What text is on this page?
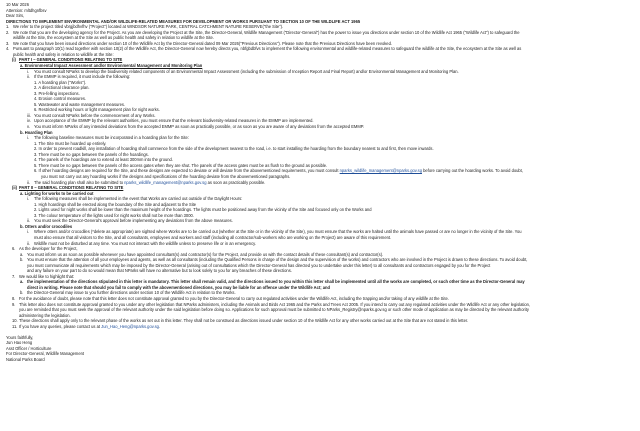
10 Mar 2026
Attention: mltdhgnfbsv
Dear Sirs,
DIRECTIONS TO IMPLEMENT ENVIRONMENTAL AND/OR WILDLIFE-RELATED MEASURES FOR DEVELOPMENT OR WORKS PURSUANT TO SECTION 10 OF THE WILDLIFE ACT 1965
1. We refer to the project titled vbrgjbdhvfhv ("Project") located at WINDSOR NATURE PARK, CENTRAL CATCHMENT NATURE RESERVE("the Site").
2. We note that you are the developing agency for the Project. As you are developing the Project at the Site, the Director-General, Wildlife Management ("Director-General") has the power to issue you directions under section 10 of the Wildlife Act 1965 ("Wildlife Act") to safeguard the
wildlife at the Site, the ecosystem at the Site as well as public health and safety in relation to wildlife at the Site.
3. We note that you have been issued directions under section 10 of the Wildlife Act by the Director-General dated 09 Mar 2026("Previous Directions"). Please note that the Previous Directions have been revoked.
4. Pursuant to paragraph 10(1) read together with section 10(2) of the Wildlife Act, the Director-General now hereby directs you, nbfgbdbfvs to implement the following environmental and wildlife-related measures to safeguard the wildlife at the Site, the ecosystem at the Site as well as
public health and safety in relation to wildlife at the Site:
(i) PART I – GENERAL CONDITIONS RELATING TO SITE
a. Environmental Impact Assessment and/or Environmental Management and Monitoring Plan
i. You must consult NParks to develop the biodiversity related components of an Environmental Impact Assessment (including the submission of Inception Report and Final Report) and/or Environmental Management and Monitoring Plan.
ii. If the EMMP is required, it must include the following:
1. A hoarding plan ("Works").
2. A directional clearance plan.
3. Pre-felling inspections.
4. Erosion control measures.
5. Wastewater and waste management measures.
6. Restricted working hours or light management plan for night works.
iii. You must consult NParks before the commencement of any Works.
iv. Upon acceptance of the EMMP by the relevant authorities, you must ensure that the relevant biodiversity-related measures in the EMMP are implemented.
v. You must inform NParks of any intended deviations from the accepted EMMP as soon as practically possible, or as soon as you are aware of any deviations from the accepted EMMP.
b. Hoarding Plan
i. The following baseline measures must be incorporated in a hoarding plan for the Site:
1. The Site must be hoarded up entirely.
2. In order to prevent roadkill, any installation of hoarding shall commence from the side of the development nearest to the road, i.e. to start installing the hoarding from the boundary nearest to and first, then move inwards.
3. There must be no gaps between the panels of the hoardings.
4. The panels of the hoardings are to extend at least 300mm into the ground.
5. There must be no gaps between the panels of the access gates when they are shut. The panels of the access gates must be as flush to the ground as possible.
6. If other hoarding designs are required for the Site, and these designs are expected to deviate or will deviate from the abovementioned requirements, you must consult nparks_wildlife_management@nparks.gov.sg before carrying out the hoarding works. To avoid doubt,
you must not carry out any hoarding works if the designs and specifications of the hoarding deviate from the abovementioned paragraphs.
ii. The said hoarding plan shall also be submitted to nparks_wildlife_management@nparks.gov.sg as soon as practicably possible.
(ii) PART II – GENERAL CONDITIONS RELATING TO SITE
a. Lighting for works to be carried out
i. The following measures shall be implemented in the event that Works are carried out outside of the Daylight Hours:
1. High hoardings shall be erected along the boundary of the Site and adjacent to the Site
2. Lights used for night works shall be lower than the maximum height of the hoardings. The lights must be positioned away from the vicinity of the Site and focused only on the Works and
3. The colour temperature of the lights used for night works shall not be more than 3000.
ii. You must seek the Director-General's approval before implementing any deviations from the above measures.
b. Otters and/or crocodiles
i. Where otters and/or crocodiles (*delete as appropriate) are sighted where Works are to be carried out (whether at the Site or in the vicinity of the Site), you must ensure that the works are halted until the animals have passed or are no longer in the vicinity of the Site. You
must also ensure that all visitors to the Site, and all consultants, employees and workers and staff (including all contractor/sub-workers who are working on the Project) are aware of this requirement.
ii. Wildlife must not be disturbed at any time. You must not interact with the wildlife unless to preserve life or in an emergency.
6. As the developer for the Project,
a. You must inform us as soon as possible whenever you have appointed consultant(s) and contractor(s) for the Project, and provide us with the contact details of these consultant(s) and contractor(s).
b. You must ensure that the attention of all your employees and agents, as well as all consultants (including the Qualified Persons in charge of the design and the supervision of the works) and contractors who are involved in the Project is drawn to these directions. To avoid doubt,
you must communicate all requirements which may be imposed by the Director-General (arising out of consultations which the Director-General has directed you to undertake under this letter) to all consultants and contractors engaged by you for the Project
and any failure on your part to do so would mean that NParks will have no alternative but to look solely to you for any breaches of these directions.
7. We would like to highlight that:
a. the implementation of the directions stipulated in this letter is mandatory. This letter shall remain valid, and the directions issued to you within this letter shall be implemented until all the works are completed, or such other time as the Director-General may
direct in writing. Please note that should you fail to comply with the abovementioned directions, you may be liable for an offence under the Wildlife Act; and
b. the Director-General may issue to you further directions under section 10 of the Wildlife Act in relation to the Works.
8. For the avoidance of doubt, please note that this letter does not constitute approval granted to you by the Director-General to carry out regulated activities under the Wildlife Act, including the trapping and/or taking of any wildlife at the Site.
9. This letter also does not constitute approval granted to you under any other legislation that NParks administers, including the Animals and Birds Act 1965 and the Parks and Trees Act 2005. If you intend to carry out any regulated activities under the Wildlife Act or any other legislation,
you are reminded that you must seek the approval of the relevant authority under the said legislation before doing so. Applications for such approval must be submitted to NParks_Registry@nparks.gov.sg or such other mode of application as may be directed by the relevant authority
administering the legislation.
10.These directions shall apply only to the relevant phase of the works as set out in this letter. They shall not be construed as directions issued under section 10 of the Wildlife Act for any other works carried out at the Site that are not stated in this letter.
11. If you have any queries, please contact us at Jun_Hao_Heng@nparks.gov.sg.
Yours faithfully,
Jun Hao Heng
Asst Officer / Horticulture
For Director-General, Wildlife Management
National Parks Board
